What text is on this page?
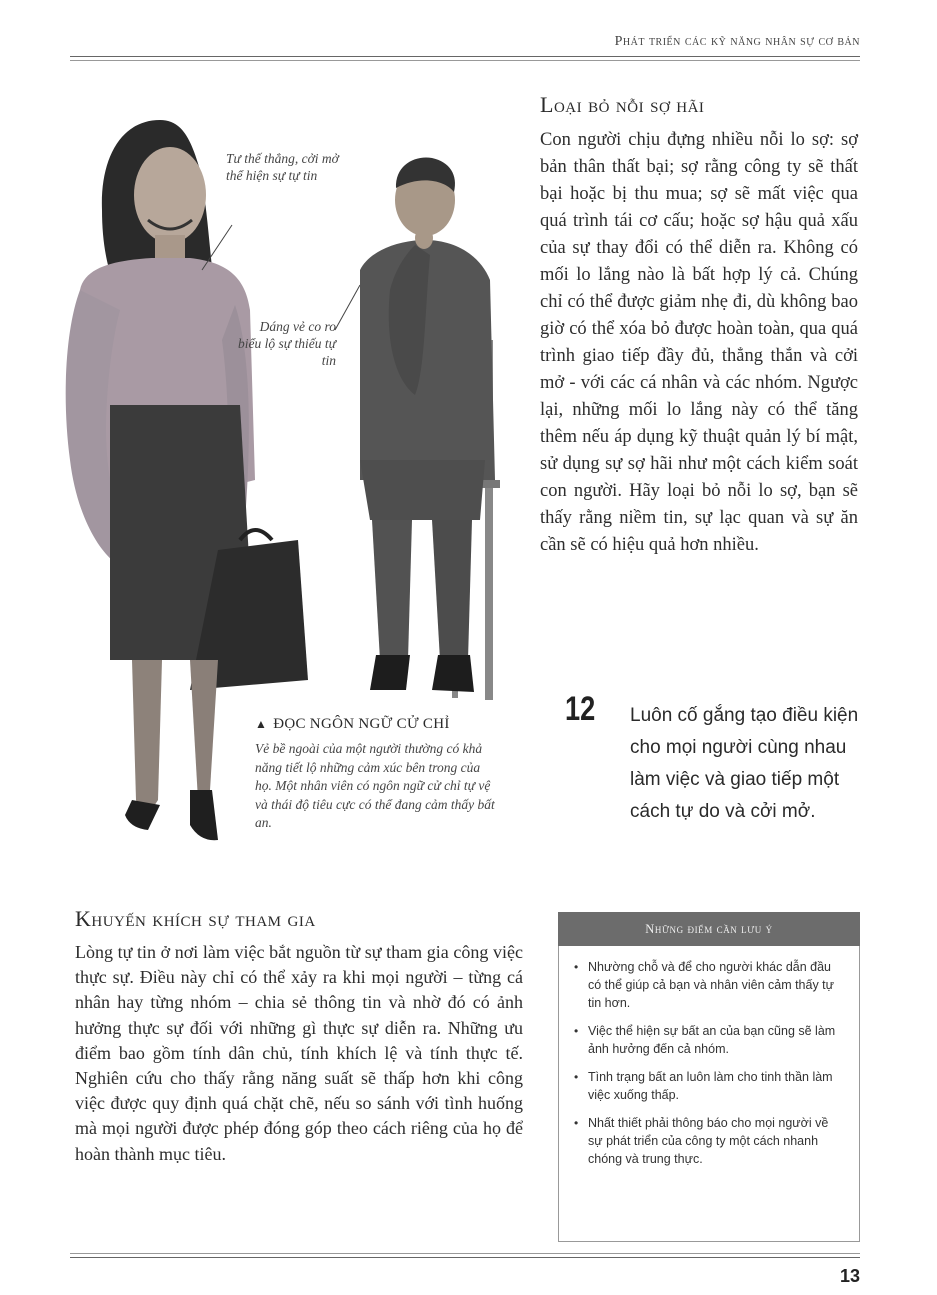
Phát triển các kỹ năng nhân sự cơ bản
Tư thế thẳng, cởi mở thể hiện sự tự tin
Dáng vẻ co ro biểu lộ sự thiếu tự tin
Loại bỏ nỗi sợ hãi
Con người chịu đựng nhiều nỗi lo sợ: sợ bản thân thất bại; sợ rằng công ty sẽ thất bại hoặc bị thu mua; sợ sẽ mất việc qua quá trình tái cơ cấu; hoặc sợ hậu quả xấu của sự thay đổi có thể diễn ra. Không có mối lo lắng nào là bất hợp lý cả. Chúng chỉ có thể được giảm nhẹ đi, dù không bao giờ có thể xóa bỏ được hoàn toàn, qua quá trình giao tiếp đầy đủ, thẳng thắn và cởi mở - với các cá nhân và các nhóm. Ngược lại, những mối lo lắng này có thể tăng thêm nếu áp dụng kỹ thuật quản lý bí mật, sử dụng sự sợ hãi như một cách kiểm soát con người. Hãy loại bỏ nỗi lo sợ, bạn sẽ thấy rằng niềm tin, sự lạc quan và sự ăn cần sẽ có hiệu quả hơn nhiều.
12 Luôn cố gắng tạo điều kiện cho mọi người cùng nhau làm việc và giao tiếp một cách tự do và cởi mở.
▲ ĐỌC NGÔN NGỮ CỬ CHỈ
Vẻ bề ngoài của một người thường có khả năng tiết lộ những cảm xúc bên trong của họ. Một nhân viên có ngôn ngữ cử chỉ tự vệ và thái độ tiêu cực có thể đang cảm thấy bất an.
Khuyến khích sự tham gia
Lòng tự tin ở nơi làm việc bắt nguồn từ sự tham gia công việc thực sự. Điều này chỉ có thể xảy ra khi mọi người – từng cá nhân hay từng nhóm – chia sẻ thông tin và nhờ đó có ảnh hưởng thực sự đối với những gì thực sự diễn ra. Những ưu điểm bao gồm tính dân chủ, tính khích lệ và tính thực tế. Nghiên cứu cho thấy rằng năng suất sẽ thấp hơn khi công việc được quy định quá chặt chẽ, nếu so sánh với tình huống mà mọi người được phép đóng góp theo cách riêng của họ để hoàn thành mục tiêu.
Những điểm cần lưu ý
• Nhường chỗ và để cho người khác dẫn đầu có thể giúp cả bạn và nhân viên cảm thấy tự tin hơn.
• Việc thể hiện sự bất an của bạn cũng sẽ làm ảnh hưởng đến cả nhóm.
• Tình trạng bất an luôn làm cho tinh thần làm việc xuống thấp.
• Nhất thiết phải thông báo cho mọi người về sự phát triển của công ty một cách nhanh chóng và trung thực.
13
